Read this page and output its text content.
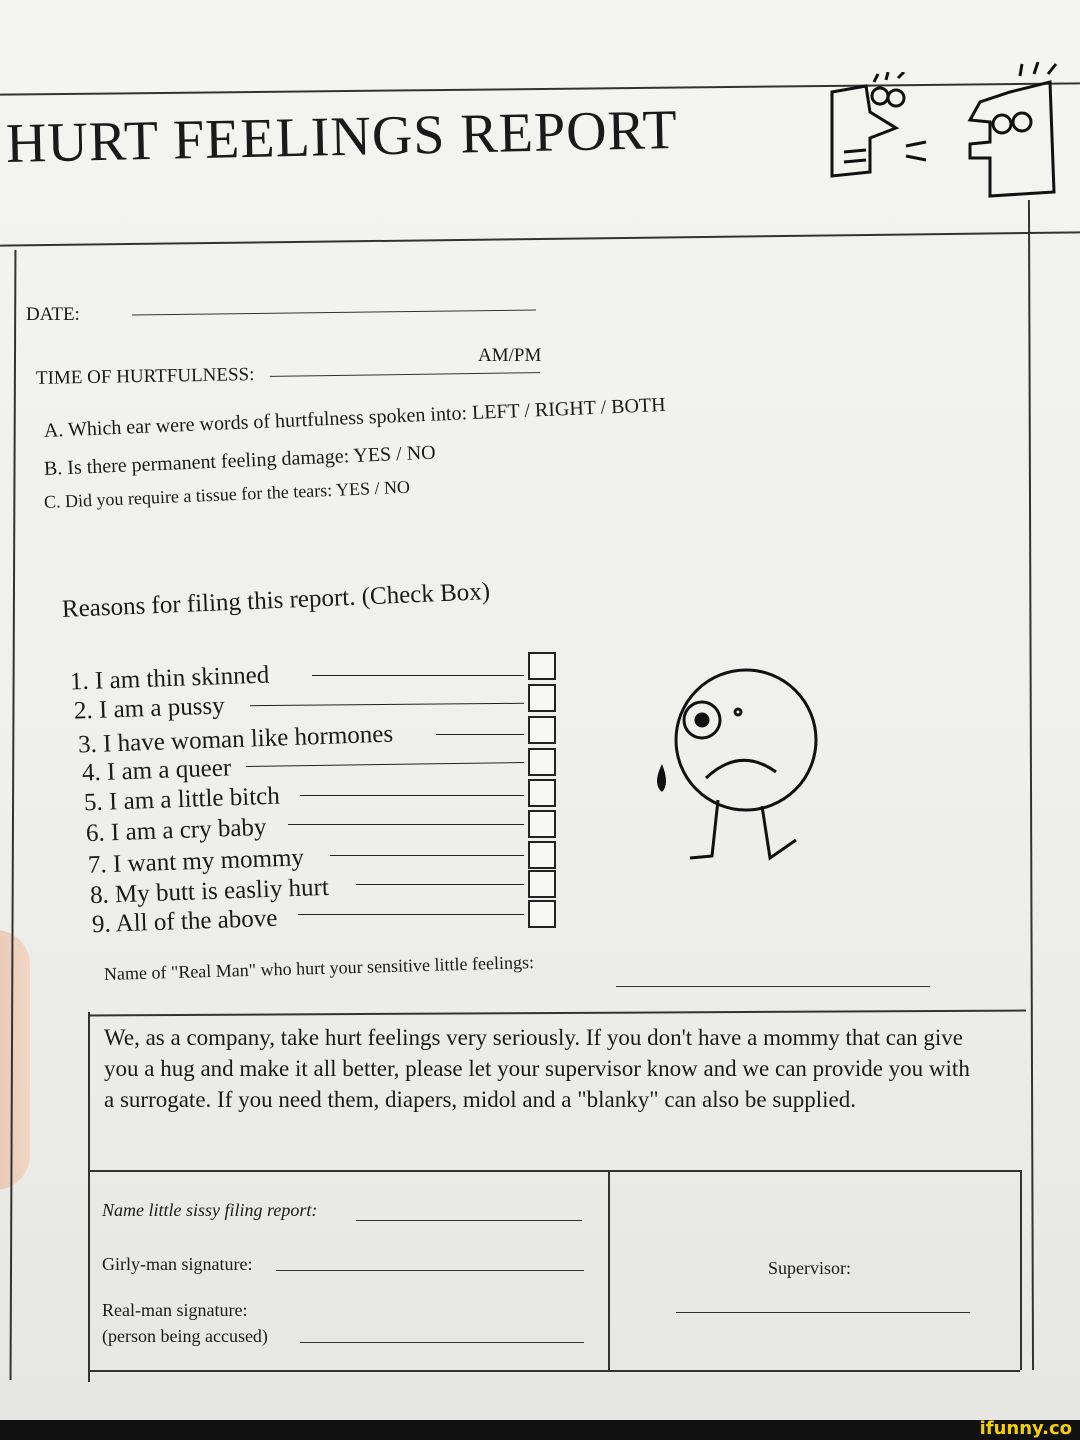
HURT FEELINGS REPORT
DATE:
TIME OF HURTFULNESS:
AM/PM
A. Which ear were words of hurtfulness spoken into: LEFT / RIGHT / BOTH
B. Is there permanent feeling damage: YES / NO
C. Did you require a tissue for the tears: YES / NO
Reasons for filing this report. (Check Box)
1. I am thin skinned
2. I am a pussy
3. I have woman like hormones
4. I am a queer
5. I am a little bitch
6. I am a cry baby
7. I want my mommy
8. My butt is easliy hurt
9. All of the above
Name of "Real Man" who hurt your sensitive little feelings:
We, as a company, take hurt feelings very seriously. If you don't have a mommy that can give you a hug and make it all better, please let your supervisor know and we can provide you with a surrogate. If you need them, diapers, midol and a "blanky" can also be supplied.
Name little sissy filing report:
Girly-man signature:
Real-man signature:
(person being accused)
Supervisor:
ifunny.co
